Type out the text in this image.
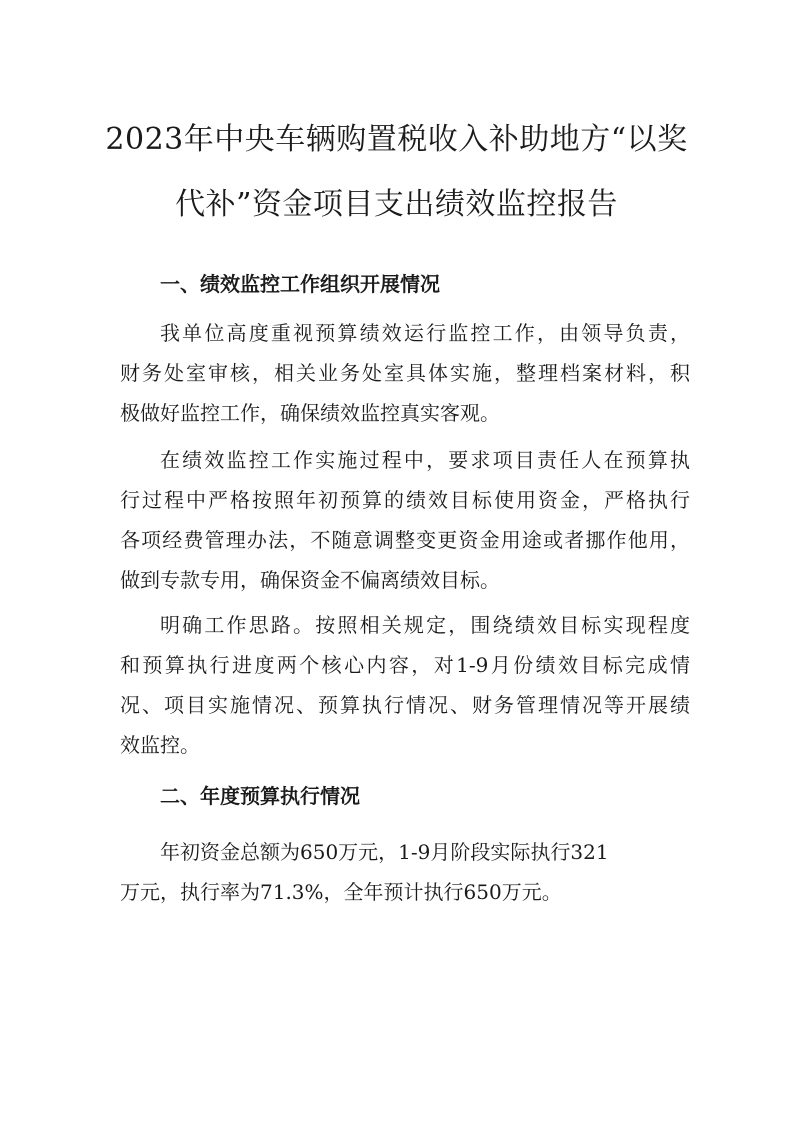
2023年中央车辆购置税收入补助地方“以奖
代补”资金项目支出绩效监控报告
一、绩效监控工作组织开展情况
我单位高度重视预算绩效运行监控工作，由领导负责，
财务处室审核，相关业务处室具体实施，整理档案材料，积
极做好监控工作，确保绩效监控真实客观。
在绩效监控工作实施过程中，要求项目责任人在预算执
行过程中严格按照年初预算的绩效目标使用资金，严格执行
各项经费管理办法，不随意调整变更资金用途或者挪作他用，
做到专款专用，确保资金不偏离绩效目标。
明确工作思路。按照相关规定，围绕绩效目标实现程度
和预算执行进度两个核心内容，对1-9月份绩效目标完成情
况、项目实施情况、预算执行情况、财务管理情况等开展绩
效监控。
二、年度预算执行情况
年初资金总额为650万元，1-9月阶段实际执行321
万元，执行率为71.3%，全年预计执行650万元。
